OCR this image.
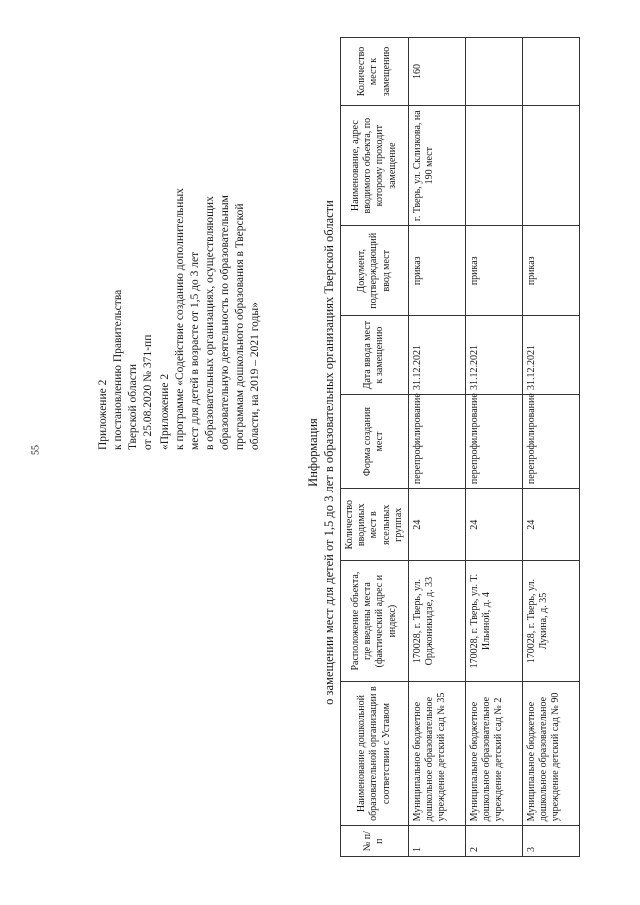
55	Приложение 2 к постановлению Правительства Тверской области от 25.08.2020 № 371-пп «Приложение 2 к программе «Содействие созданию дополнительных мест для детей в возрасте от 1,5 до 3 лет в образовательных организациях, осуществляющих образовательную деятельность по образовательным программам дошкольного образования в Тверской области, на 2019 – 2021 годы»
Информация о замещении мест для детей от 1,5 до 3 лет в образовательных организациях Тверской области
№ п/п	Наименование дошкольной образовательной организации в соответствии с Уставом	Расположение объекта, где введены места (фактический адрес и индекс)	Количество вводимых мест в ясельных группах	Форма создания мест	Дата ввода мест к замещению	Документ, подтверждающий ввод мест	Наименование, адрес вводимого объекта, по которому проходит замещение	Количество мест к замещению
1	Муниципальное бюджетное дошкольное образовательное учреждение детский сад № 35	170028, г. Тверь, ул. Орджоникидзе, д. 33	24	перепрофилирование	31.12.2021	приказ	г. Тверь, ул. Склизкова, на 190 мест	160
2	Муниципальное бюджетное дошкольное образовательное учреждение детский сад № 2	170028, г. Тверь, ул. Т. Ильиной, д. 4	24	перепрофилирование	31.12.2021	приказ		
3	Муниципальное бюджетное дошкольное образовательное учреждение детский сад № 90	170028, г. Тверь, ул. Лукина, д. 35	24	перепрофилирование	31.12.2021	приказ		
